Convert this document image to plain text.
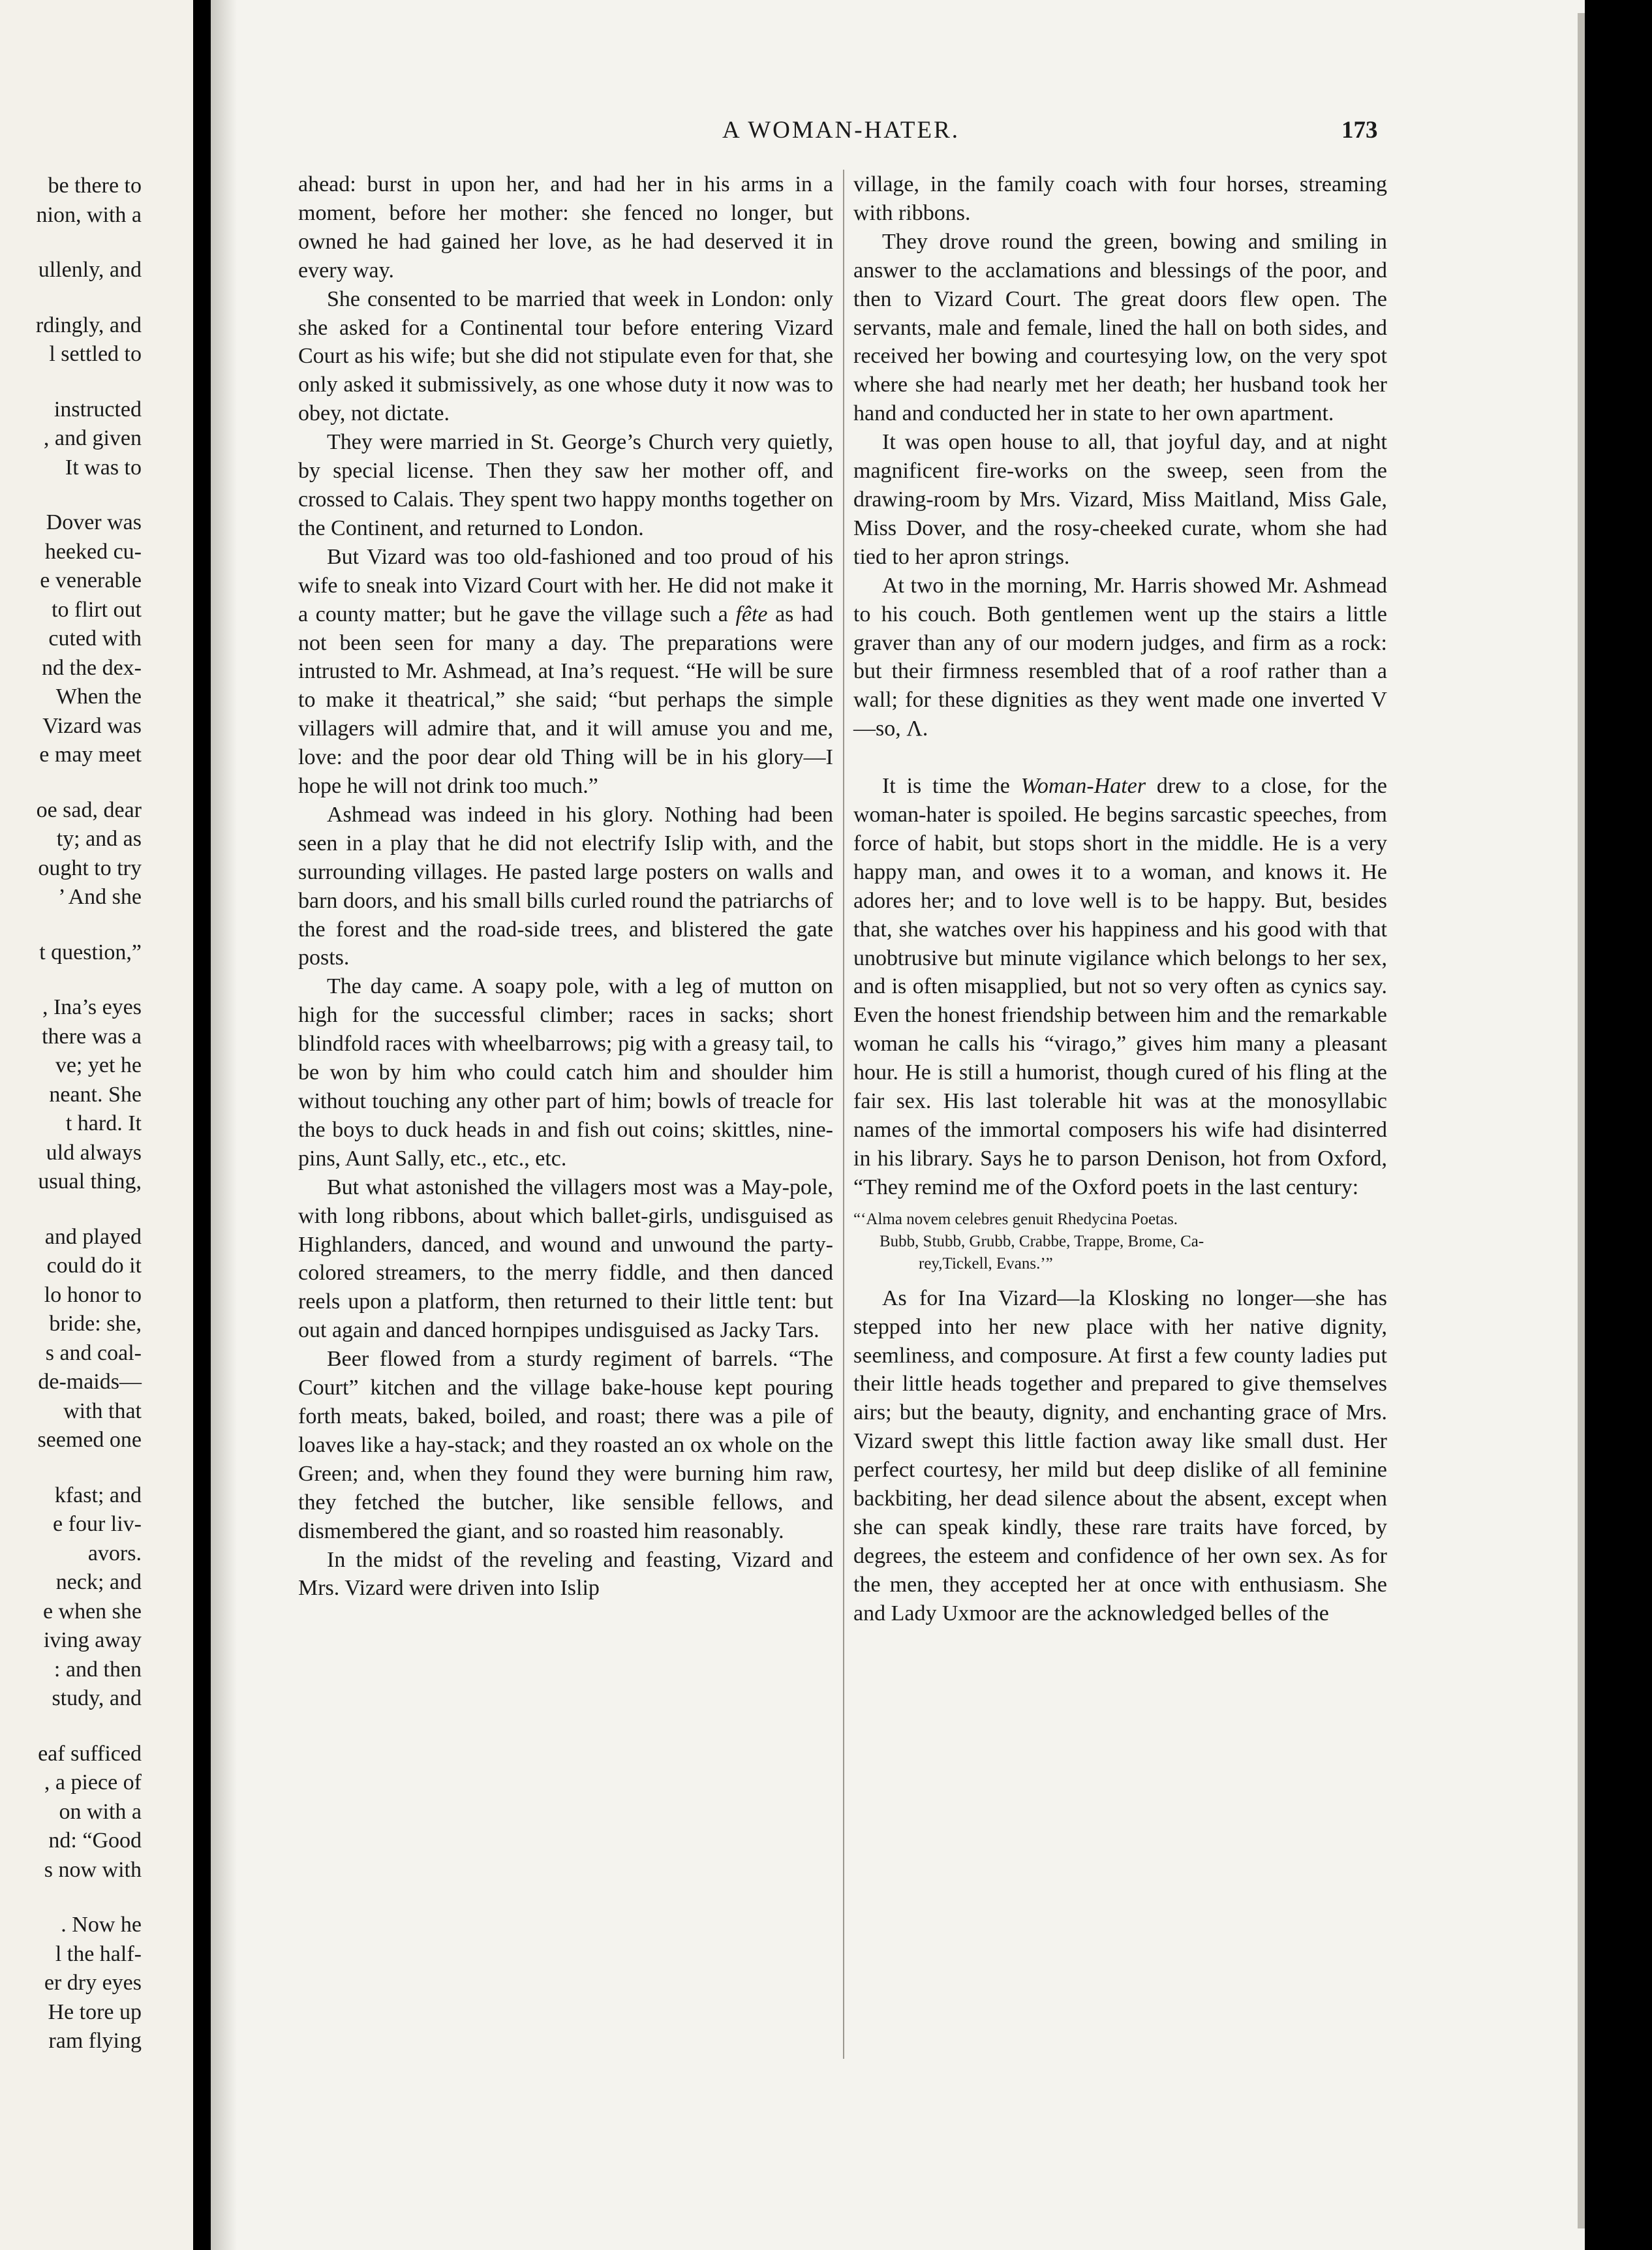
be there to
nion, with a
ullenly, and
rdingly, and
l settled to
instructed
, and given
It was to
Dover was
heeked cu-
e venerable
to flirt out
cuted with
nd the dex-
When the
Vizard was
e may meet
oe sad, dear
ty; and as
ought to try
’ And she
t question,”
, Ina’s eyes
there was a
ve; yet he
neant. She
t hard. It
uld always
usual thing,
and played
could do it
lo honor to
bride: she,
s and coal-
de-maids—
with that
seemed one
kfast; and
e four liv-
avors.
neck; and
e when she
iving away
: and then
study, and
eaf sufficed
, a piece of
on with a
nd: “Good
s now with
. Now he
l the half-
er dry eyes
He tore up
ram flying
A WOMAN-HATER.	173

ahead: burst in upon her, and had her in his arms in a moment, before her mother: she fenced no longer, but owned he had gained her love, as he had deserved it in every way.

She consented to be married that week in London: only she asked for a Continental tour before entering Vizard Court as his wife; but she did not stipulate even for that, she only asked it submissively, as one whose duty it now was to obey, not dictate.

They were married in St. George’s Church very quietly, by special license. Then they saw her mother off, and crossed to Calais. They spent two happy months together on the Continent, and returned to London.

But Vizard was too old-fashioned and too proud of his wife to sneak into Vizard Court with her. He did not make it a county matter; but he gave the village such a fête as had not been seen for many a day. The preparations were intrusted to Mr. Ashmead, at Ina’s request. “He will be sure to make it theatrical,” she said; “but perhaps the simple villagers will admire that, and it will amuse you and me, love: and the poor dear old Thing will be in his glory—I hope he will not drink too much.”

Ashmead was indeed in his glory. Nothing had been seen in a play that he did not electrify Islip with, and the surrounding villages. He pasted large posters on walls and barn doors, and his small bills curled round the patriarchs of the forest and the road-side trees, and blistered the gate posts.

The day came. A soapy pole, with a leg of mutton on high for the successful climber; races in sacks; short blindfold races with wheelbarrows; pig with a greasy tail, to be won by him who could catch him and shoulder him without touching any other part of him; bowls of treacle for the boys to duck heads in and fish out coins; skittles, nine-pins, Aunt Sally, etc., etc., etc.

But what astonished the villagers most was a May-pole, with long ribbons, about which ballet-girls, undisguised as Highlanders, danced, and wound and unwound the party-colored streamers, to the merry fiddle, and then danced reels upon a platform, then returned to their little tent: but out again and danced hornpipes undisguised as Jacky Tars.

Beer flowed from a sturdy regiment of barrels. “The Court” kitchen and the village bake-house kept pouring forth meats, baked, boiled, and roast; there was a pile of loaves like a hay-stack; and they roasted an ox whole on the Green; and, when they found they were burning him raw, they fetched the butcher, like sensible fellows, and dismembered the giant, and so roasted him reasonably.

In the midst of the reveling and feasting, Vizard and Mrs. Vizard were driven into Islip

village, in the family coach with four horses, streaming with ribbons.

They drove round the green, bowing and smiling in answer to the acclamations and blessings of the poor, and then to Vizard Court. The great doors flew open. The servants, male and female, lined the hall on both sides, and received her bowing and courtesying low, on the very spot where she had nearly met her death; her husband took her hand and conducted her in state to her own apartment.

It was open house to all, that joyful day, and at night magnificent fire-works on the sweep, seen from the drawing-room by Mrs. Vizard, Miss Maitland, Miss Gale, Miss Dover, and the rosy-cheeked curate, whom she had tied to her apron strings.

At two in the morning, Mr. Harris showed Mr. Ashmead to his couch. Both gentlemen went up the stairs a little graver than any of our modern judges, and firm as a rock: but their firmness resembled that of a roof rather than a wall; for these dignities as they went made one inverted V—so, Λ.

It is time the Woman-Hater drew to a close, for the woman-hater is spoiled. He begins sarcastic speeches, from force of habit, but stops short in the middle. He is a very happy man, and owes it to a woman, and knows it. He adores her; and to love well is to be happy. But, besides that, she watches over his happiness and his good with that unobtrusive but minute vigilance which belongs to her sex, and is often misapplied, but not so very often as cynics say. Even the honest friendship between him and the remarkable woman he calls his “virago,” gives him many a pleasant hour. He is still a humorist, though cured of his fling at the fair sex. His last tolerable hit was at the monosyllabic names of the immortal composers his wife had disinterred in his library. Says he to parson Denison, hot from Oxford, “They remind me of the Oxford poets in the last century:

“‘Alma novem celebres genuit Rhedycina Poetas.
Bubb, Stubb, Grubb, Crabbe, Trappe, Brome, Ca-
rey,Tickell, Evans.’”

As for Ina Vizard—la Klosking no longer—she has stepped into her new place with her native dignity, seemliness, and composure. At first a few county ladies put their little heads together and prepared to give themselves airs; but the beauty, dignity, and enchanting grace of Mrs. Vizard swept this little faction away like small dust. Her perfect courtesy, her mild but deep dislike of all feminine backbiting, her dead silence about the absent, except when she can speak kindly, these rare traits have forced, by degrees, the esteem and confidence of her own sex. As for the men, they accepted her at once with enthusiasm. She and Lady Uxmoor are the acknowledged belles of the
